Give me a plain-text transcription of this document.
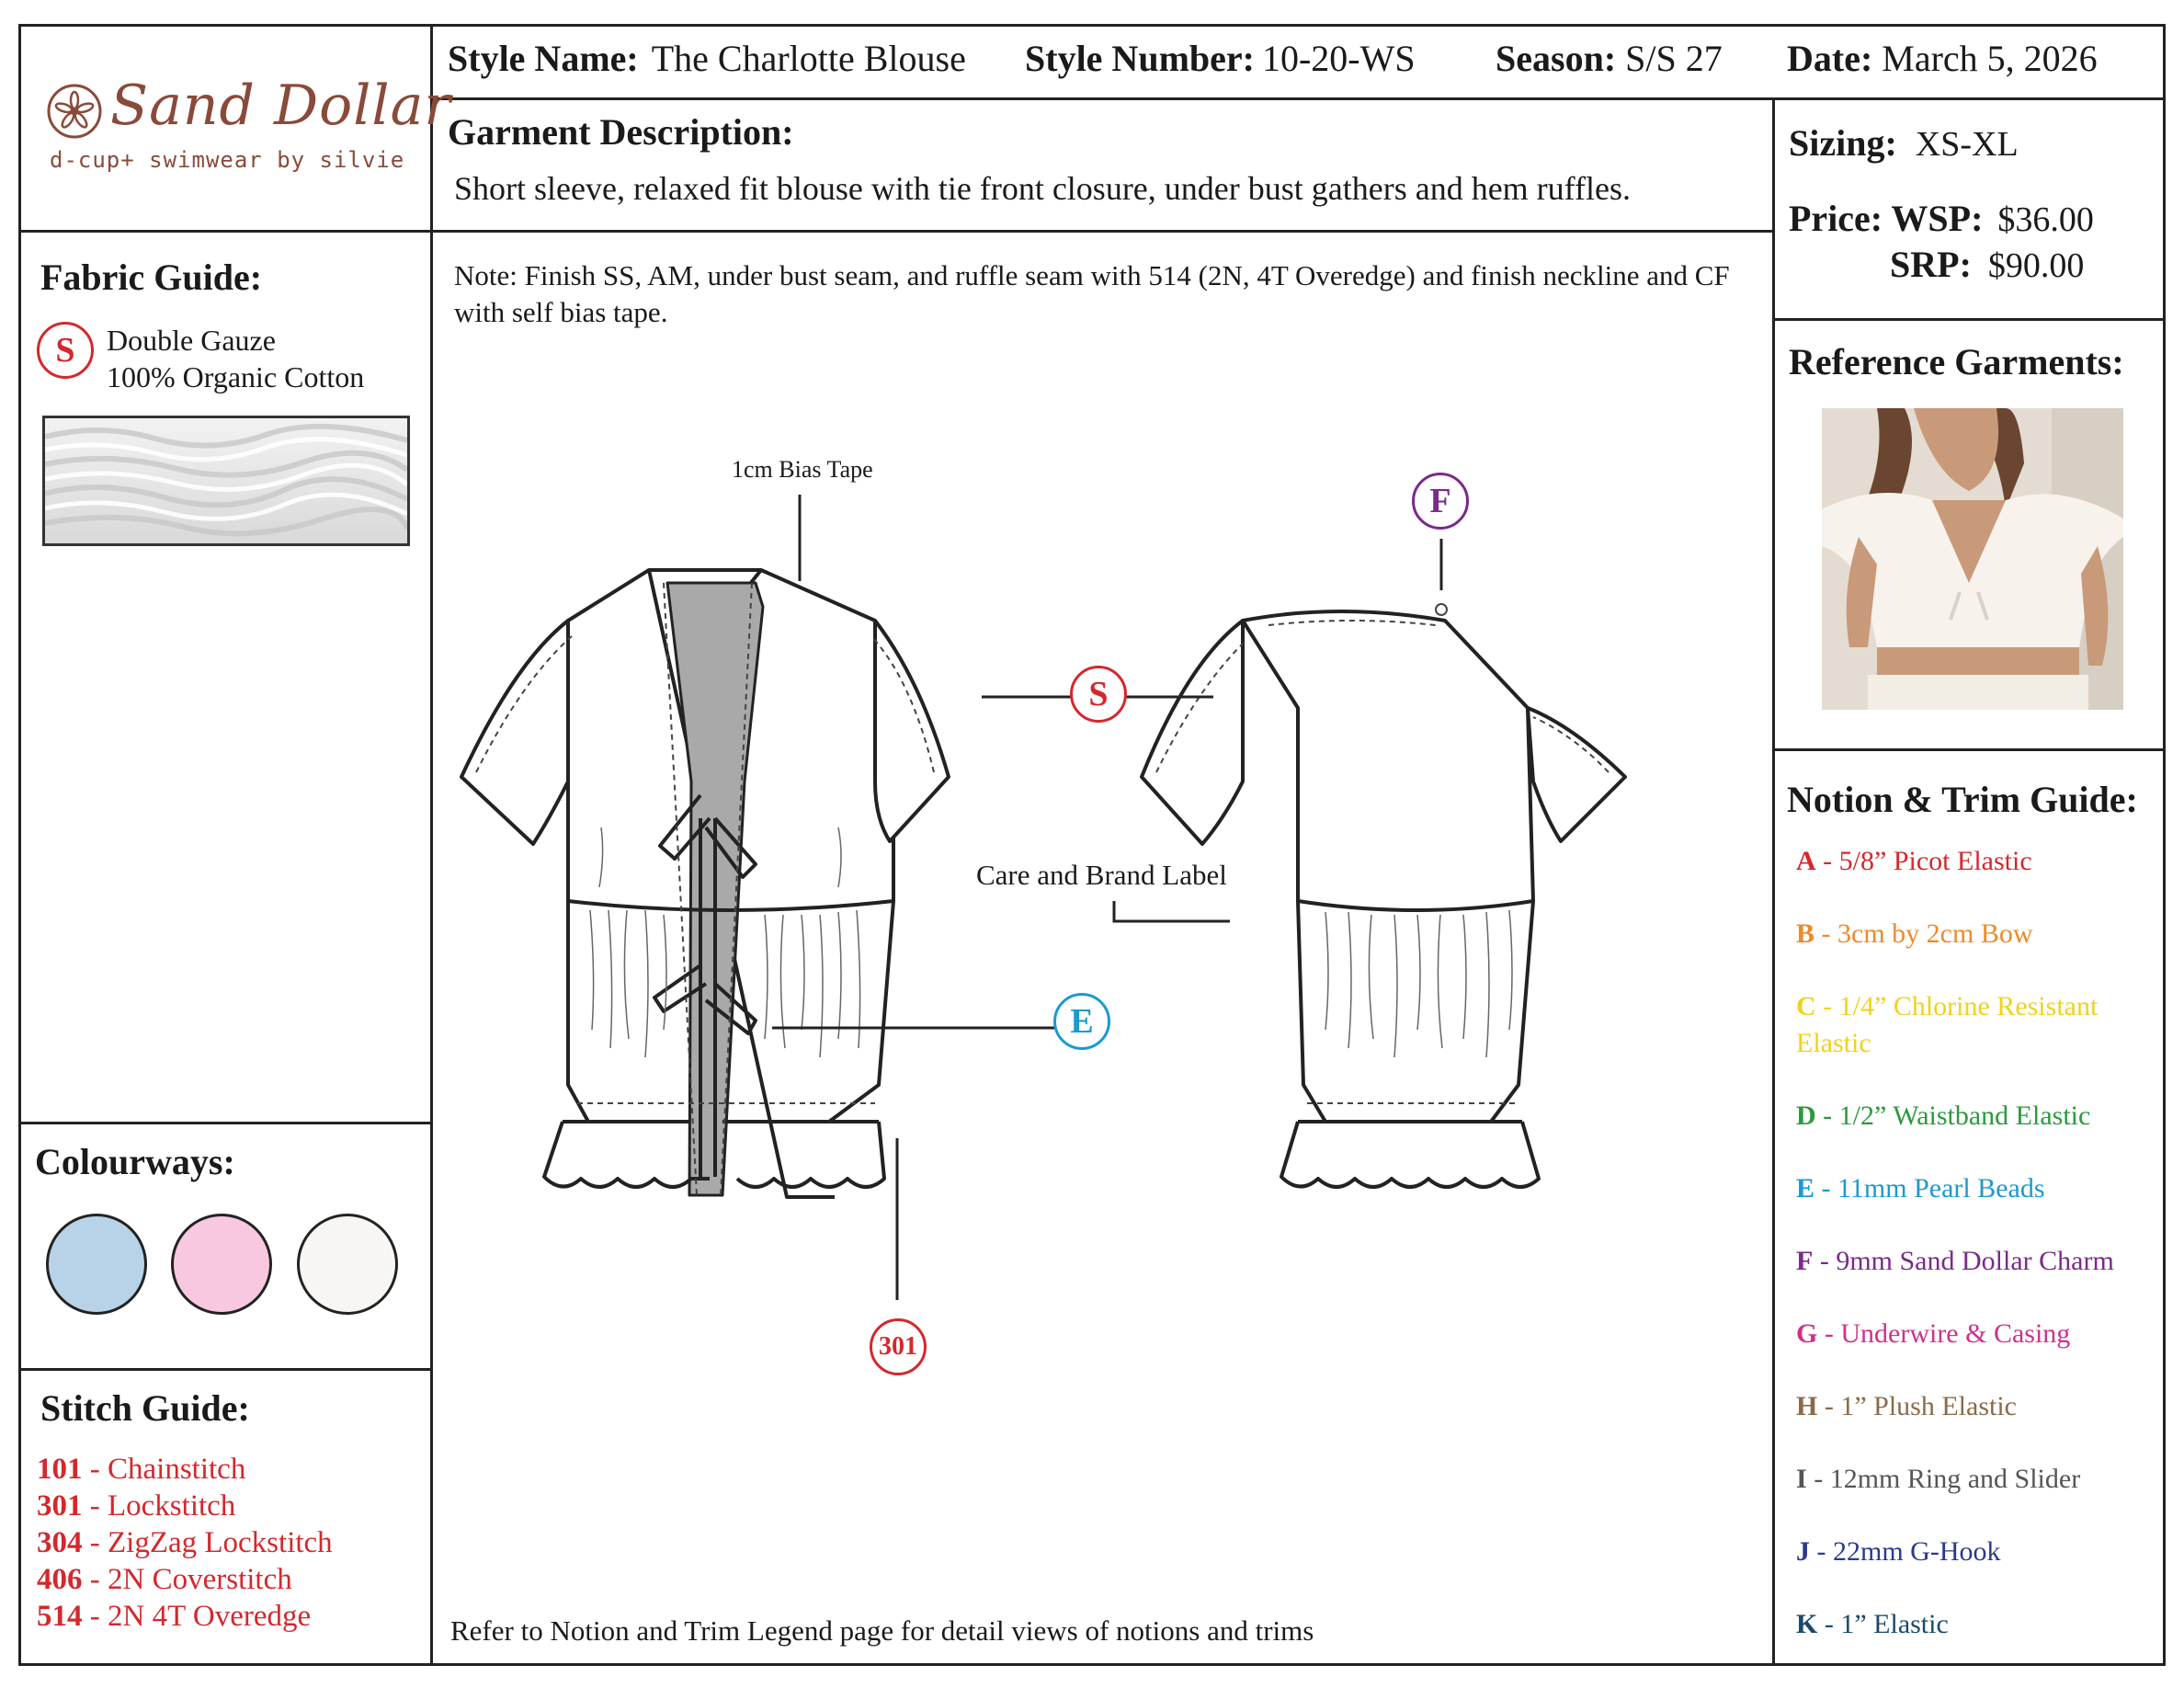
Sand Dollar
d-cup+ swimwear by silvie
Style Name: The Charlotte Blouse Style Number: 10-20-WS Season: S/S 27 Date: March 5, 2026
Garment Description:
Short sleeve, relaxed fit blouse with tie front closure, under bust gathers and hem ruffles.
Sizing: XS-XL
Price: WSP: $36.00
SRP: $90.00
Fabric Guide:
S	Double Gauze
100% Organic Cotton
Colourways:
Stitch Guide:
101 - Chainstitch
301 - Lockstitch
304 - ZigZag Lockstitch
406 - 2N Coverstitch
514 - 2N 4T Overedge
Note: Finish SS, AM, under bust seam, and ruffle seam with 514 (2N, 4T Overedge) and finish neckline and CF with self bias tape.
1cm Bias Tape
Care and Brand Label
S
F
E
301
Refer to Notion and Trim Legend page for detail views of notions and trims
Reference Garments:
Notion & Trim Guide:
A - 5/8” Picot Elastic
B - 3cm by 2cm Bow
C - 1/4” Chlorine Resistant
Elastic
D - 1/2” Waistband Elastic
E - 11mm Pearl Beads
F - 9mm Sand Dollar Charm
G - Underwire & Casing
H - 1” Plush Elastic
I - 12mm Ring and Slider
J - 22mm G-Hook
K - 1” Elastic
